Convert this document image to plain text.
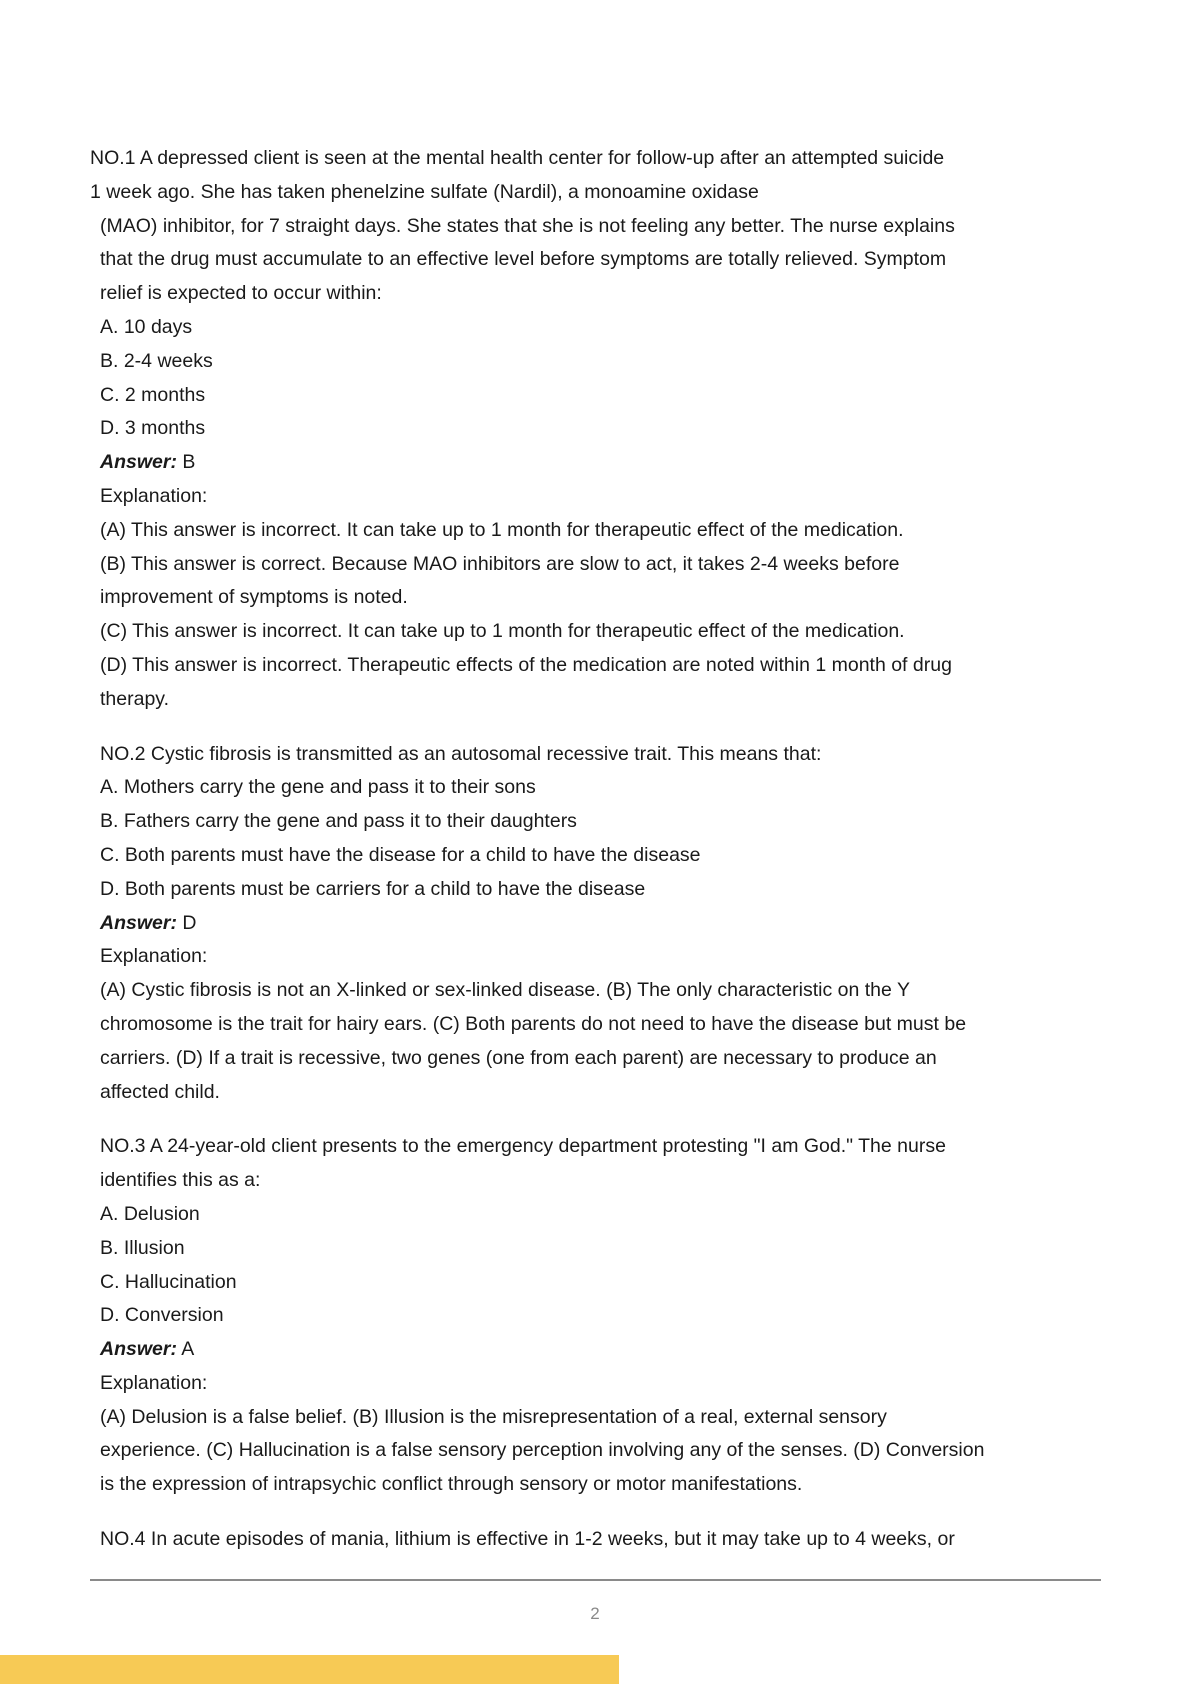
NO.1 A depressed client is seen at the mental health center for follow-up after an attempted suicide
1 week ago. She has taken phenelzine sulfate (Nardil), a monoamine oxidase
(MAO) inhibitor, for 7 straight days. She states that she is not feeling any better. The nurse explains
that the drug must accumulate to an effective level before symptoms are totally relieved. Symptom
relief is expected to occur within:
A. 10 days
B. 2-4 weeks
C. 2 months
D. 3 months
Answer: B
Explanation:
(A) This answer is incorrect. It can take up to 1 month for therapeutic effect of the medication.
(B) This answer is correct. Because MAO inhibitors are slow to act, it takes 2-4 weeks before
improvement of symptoms is noted.
(C) This answer is incorrect. It can take up to 1 month for therapeutic effect of the medication.
(D) This answer is incorrect. Therapeutic effects of the medication are noted within 1 month of drug
therapy.
NO.2 Cystic fibrosis is transmitted as an autosomal recessive trait. This means that:
A. Mothers carry the gene and pass it to their sons
B. Fathers carry the gene and pass it to their daughters
C. Both parents must have the disease for a child to have the disease
D. Both parents must be carriers for a child to have the disease
Answer: D
Explanation:
(A) Cystic fibrosis is not an X-linked or sex-linked disease. (B) The only characteristic on the Y
chromosome is the trait for hairy ears. (C) Both parents do not need to have the disease but must be
carriers. (D) If a trait is recessive, two genes (one from each parent) are necessary to produce an
affected child.
NO.3 A 24-year-old client presents to the emergency department protesting "I am God." The nurse
identifies this as a:
A. Delusion
B. Illusion
C. Hallucination
D. Conversion
Answer: A
Explanation:
(A) Delusion is a false belief. (B) Illusion is the misrepresentation of a real, external sensory
experience. (C) Hallucination is a false sensory perception involving any of the senses. (D) Conversion
is the expression of intrapsychic conflict through sensory or motor manifestations.
NO.4 In acute episodes of mania, lithium is effective in 1-2 weeks, but it may take up to 4 weeks, or
2
